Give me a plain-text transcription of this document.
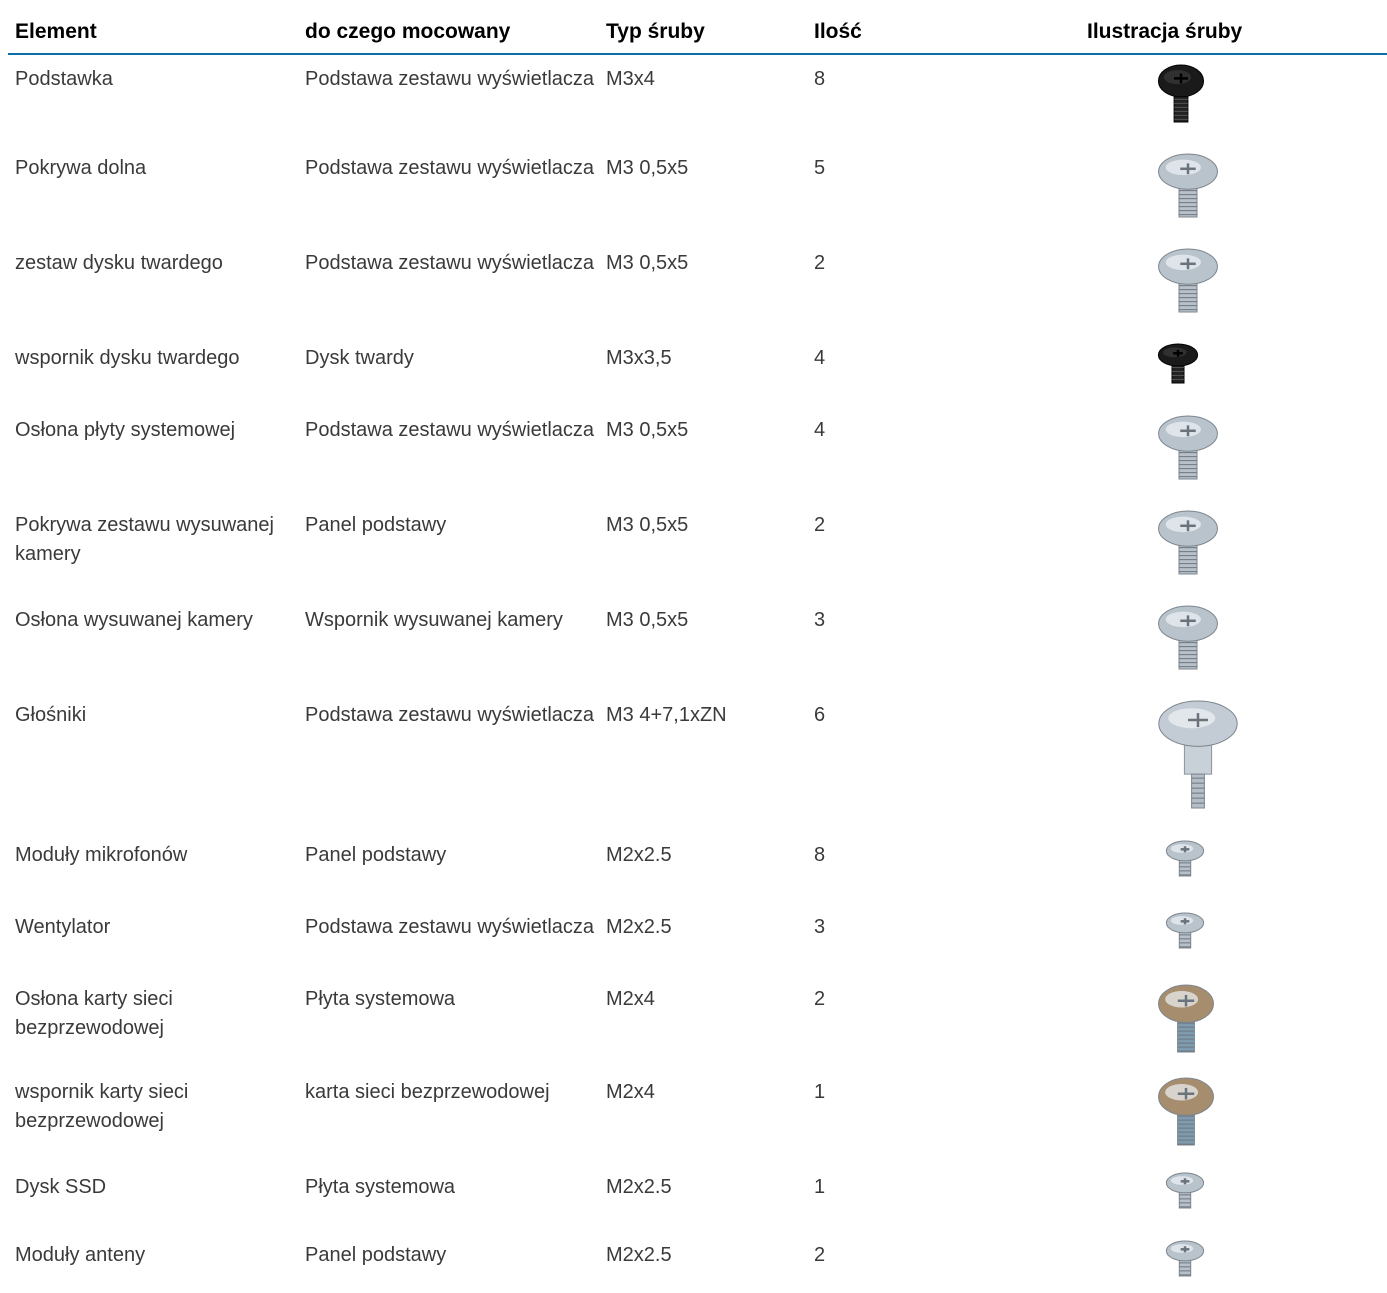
Element	do czego mocowany	Typ śruby	Ilość	Ilustracja śruby

Podstawka	Podstawa zestawu wyświetlacza	M3x4	8

Pokrywa dolna	Podstawa zestawu wyświetlacza	M3 0,5x5	5

zestaw dysku twardego	Podstawa zestawu wyświetlacza	M3 0,5x5	2

wspornik dysku twardego	Dysk twardy	M3x3,5	4

Osłona płyty systemowej	Podstawa zestawu wyświetlacza	M3 0,5x5	4

Pokrywa zestawu wysuwanej kamery	Panel podstawy	M3 0,5x5	2

Osłona wysuwanej kamery	Wspornik wysuwanej kamery	M3 0,5x5	3

Głośniki	Podstawa zestawu wyświetlacza	M3 4+7,1xZN	6

Moduły mikrofonów	Panel podstawy	M2x2.5	8

Wentylator	Podstawa zestawu wyświetlacza	M2x2.5	3

Osłona karty sieci bezprzewodowej	Płyta systemowa	M2x4	2

wspornik karty sieci bezprzewodowej	karta sieci bezprzewodowej	M2x4	1

Dysk SSD	Płyta systemowa	M2x2.5	1

Moduły anteny	Panel podstawy	M2x2.5	2
